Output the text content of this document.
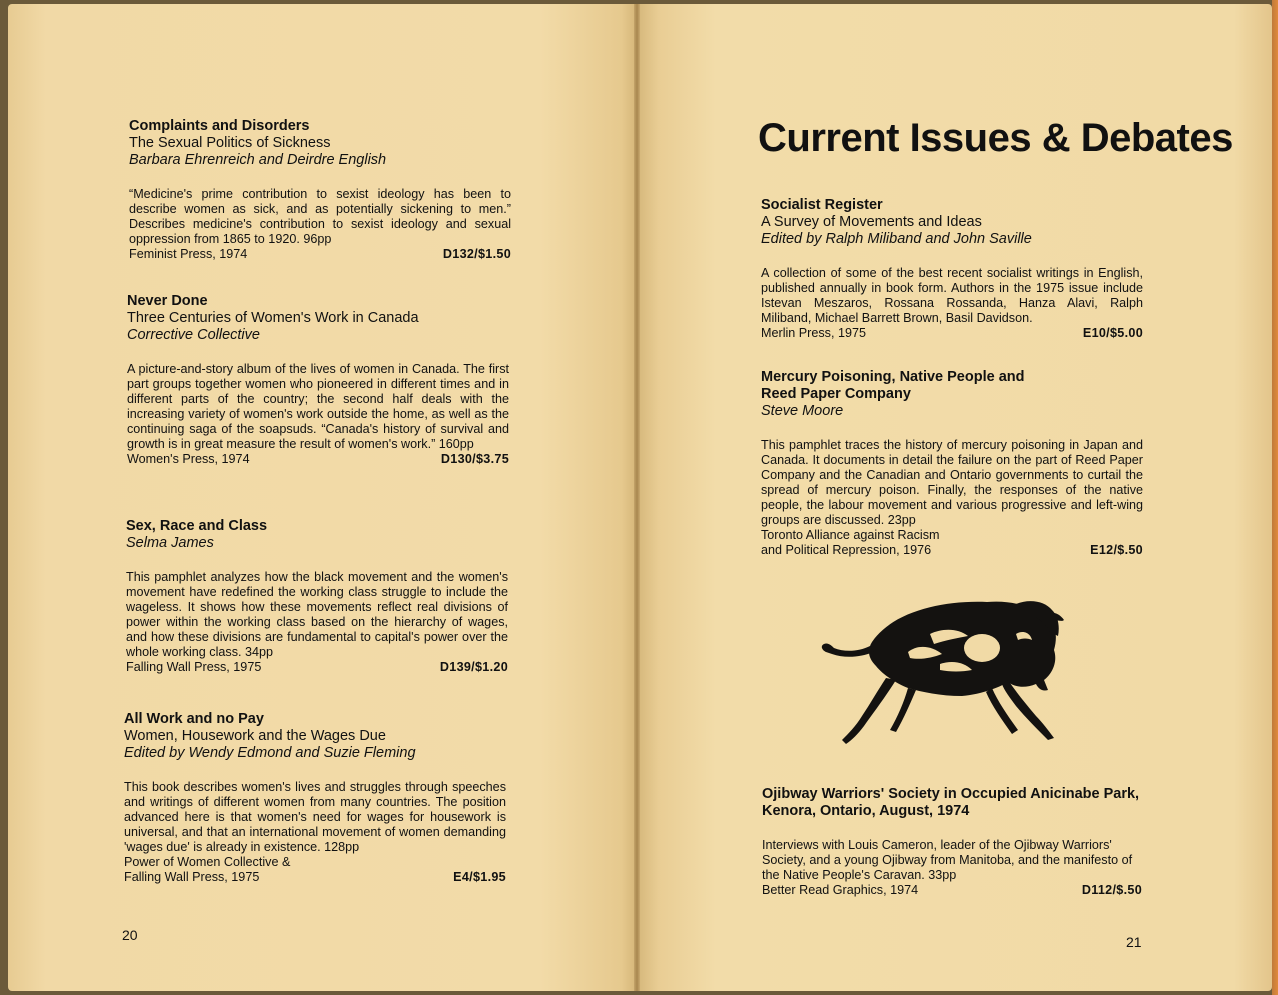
Complaints and Disorders
The Sexual Politics of Sickness
Barbara Ehrenreich and Deirdre English
“Medicine's prime contribution to sexist ideology has been to describe women as sick, and as potentially sickening to men.” Describes medicine's contribution to sexist ideology and sexual oppression from 1865 to 1920. 96pp
Feminist Press, 1974	D132/$1.50
Never Done
Three Centuries of Women's Work in Canada
Corrective Collective
A picture-and-story album of the lives of women in Canada. The first part groups together women who pioneered in different times and in different parts of the country; the second half deals with the increasing variety of women's work outside the home, as well as the continuing saga of the soapsuds. “Canada's history of survival and growth is in great measure the result of women's work.” 160pp
Women's Press, 1974	D130/$3.75
Sex, Race and Class
Selma James
This pamphlet analyzes how the black movement and the women's movement have redefined the working class struggle to include the wageless. It shows how these movements reflect real divisions of power within the working class based on the hierarchy of wages, and how these divisions are fundamental to capital's power over the whole working class. 34pp
Falling Wall Press, 1975	D139/$1.20
All Work and no Pay
Women, Housework and the Wages Due
Edited by Wendy Edmond and Suzie Fleming
This book describes women's lives and struggles through speeches and writings of different women from many countries. The position advanced here is that women's need for wages for housework is universal, and that an international movement of women demanding 'wages due' is already in existence. 128pp
Power of Women Collective &
Falling Wall Press, 1975	E4/$1.95
20
Current Issues & Debates
Socialist Register
A Survey of Movements and Ideas
Edited by Ralph Miliband and John Saville
A collection of some of the best recent socialist writings in English, published annually in book form. Authors in the 1975 issue include Istevan Meszaros, Rossana Rossanda, Hanza Alavi, Ralph Miliband, Michael Barrett Brown, Basil Davidson.
Merlin Press, 1975	E10/$5.00
Mercury Poisoning, Native People and Reed Paper Company
Steve Moore
This pamphlet traces the history of mercury poisoning in Japan and Canada. It documents in detail the failure on the part of Reed Paper Company and the Canadian and Ontario governments to curtail the spread of mercury poison. Finally, the responses of the native people, the labour movement and various progressive and left-wing groups are discussed. 23pp
Toronto Alliance against Racism
and Political Repression, 1976	E12/$.50
Ojibway Warriors' Society in Occupied Anicinabe Park, Kenora, Ontario, August, 1974
Interviews with Louis Cameron, leader of the Ojibway Warriors' Society, and a young Ojibway from Manitoba, and the manifesto of the Native People's Caravan. 33pp
Better Read Graphics, 1974	D112/$.50
21
